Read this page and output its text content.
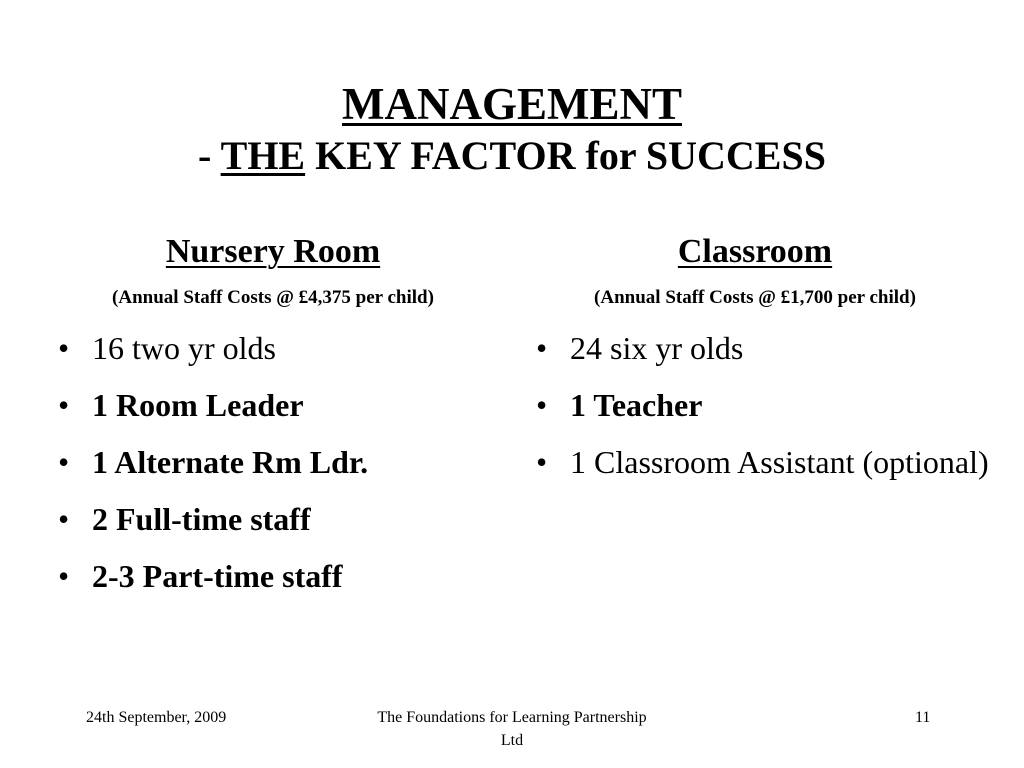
MANAGEMENT
- THE KEY FACTOR for SUCCESS
Nursery Room
(Annual Staff Costs @ £4,375 per child)
• 16 two yr olds
• 1 Room Leader
• 1 Alternate Rm Ldr.
• 2 Full-time staff
• 2-3 Part-time staff
Classroom
(Annual Staff Costs @ £1,700 per child)
• 24 six yr olds
• 1 Teacher
• 1 Classroom Assistant (optional)
24th September, 2009	The Foundations for Learning Partnership Ltd
11
